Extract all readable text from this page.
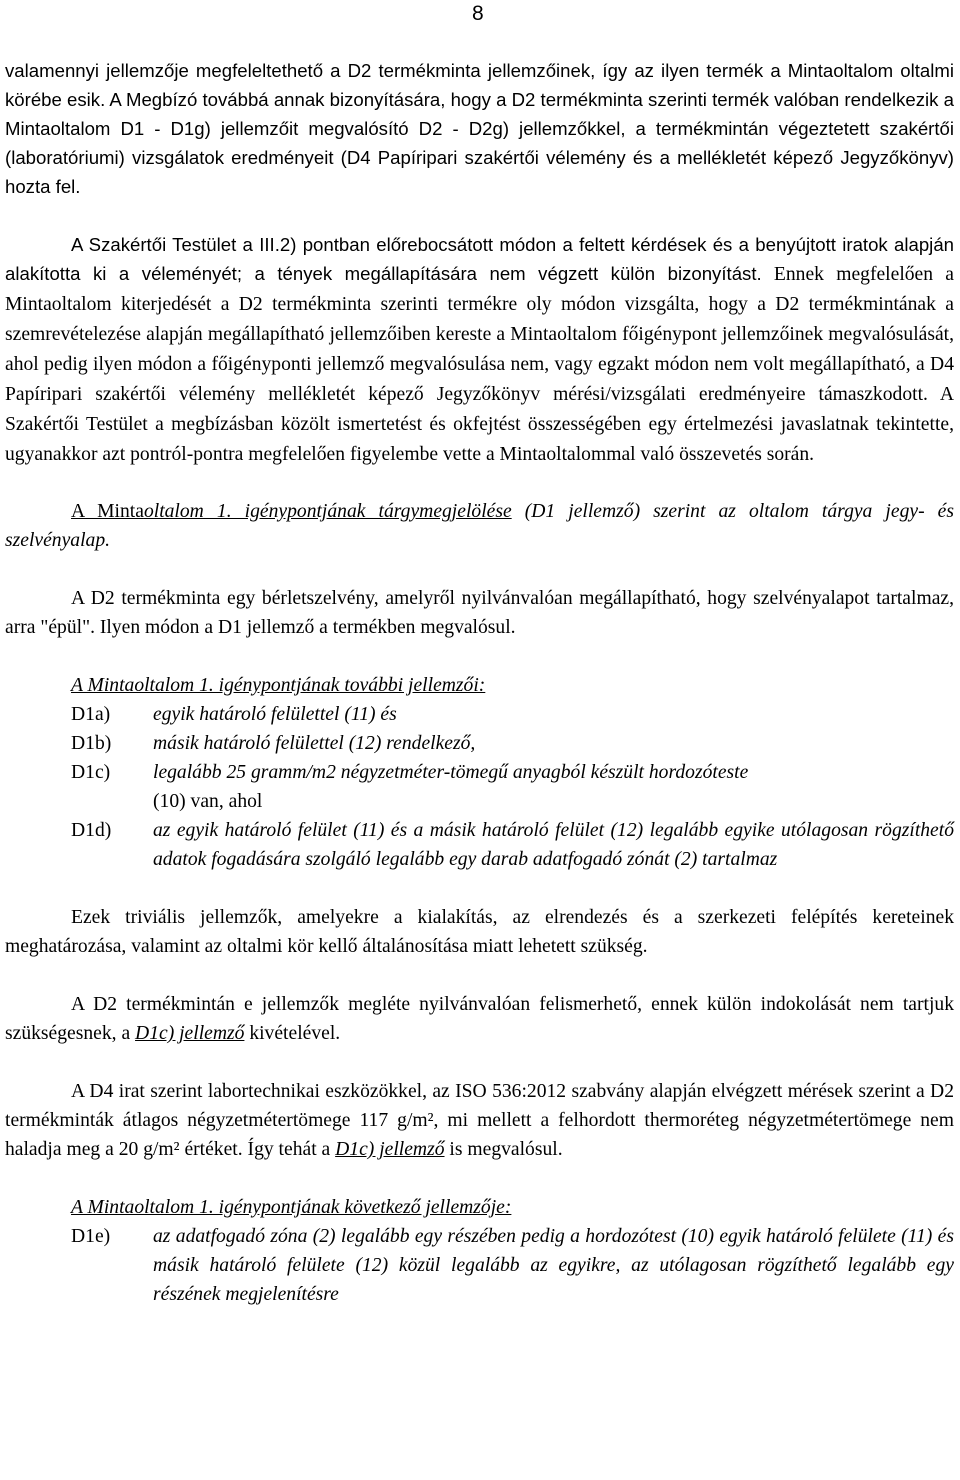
8

valamennyi jellemzője megfeleltethető a D2 termékminta jellemzőinek, így az ilyen termék a Mintaoltalom oltalmi körébe esik. A Megbízó továbbá annak bizonyítására, hogy a D2 termékminta szerinti termék valóban rendelkezik a Mintaoltalom D1 - D1g) jellemzőit megvalósító D2 - D2g) jellemzőkkel, a termékmintán végeztetett szakértői (laboratóriumi) vizsgálatok eredményeit (D4 Papíripari szakértői vélemény és a mellékletét képező Jegyzőkönyv) hozta fel.

A Szakértői Testület a III.2) pontban előrebocsátott módon a feltett kérdések és a benyújtott iratok alapján alakította ki a véleményét; a tények megállapítására nem végzett külön bizonyítást. Ennek megfelelően a Mintaoltalom kiterjedését a D2 termékminta szerinti termékre oly módon vizsgálta, hogy a D2 termékmintának a szemrevételezése alapján megállapítható jellemzőiben kereste a Mintaoltalom főigénypont jellemzőinek megvalósulását, ahol pedig ilyen módon a főigényponti jellemző megvalósulása nem, vagy egzakt módon nem volt megállapítható, a D4 Papíripari szakértői vélemény mellékletét képező Jegyzőkönyv mérési/vizsgálati eredményeire támaszkodott. A Szakértői Testület a megbízásban közölt ismertetést és okfejtést összességében egy értelmezési javaslatnak tekintette, ugyanakkor azt pontról-pontra megfelelően figyelembe vette a Mintaoltalommal való összevetés során.

A Mintaoltalom 1. igénypontjának tárgymegjelölése (D1 jellemző) szerint az oltalom tárgya jegy- és szelvényalap.

A D2 termékminta egy bérletszelvény, amelyről nyilvánvalóan megállapítható, hogy szelvényalapot tartalmaz, arra "épül". Ilyen módon a D1 jellemző a termékben megvalósul.

A Mintaoltalom 1. igénypontjának további jellemzői:

D1a) egyik határoló felülettel (11) és
D1b) másik határoló felülettel (12) rendelkező,
D1c) legalább 25 gramm/m2 négyzetméter-tömegű anyagból készült hordozóteste
(10) van, ahol
D1d) az egyik határoló felület (11) és a másik határoló felület (12) legalább egyike utólagosan rögzíthető adatok fogadására szolgáló legalább egy darab adatfogadó zónát (2) tartalmaz

Ezek triviális jellemzők, amelyekre a kialakítás, az elrendezés és a szerkezeti felépítés kereteinek meghatározása, valamint az oltalmi kör kellő általánosítása miatt lehetett szükség.

A D2 termékmintán e jellemzők megléte nyilvánvalóan felismerhető, ennek külön indokolását nem tartjuk szükségesnek, a D1c) jellemző kivételével.

A D4 irat szerint labortechnikai eszközökkel, az ISO 536:2012 szabvány alapján elvégzett mérések szerint a D2 termékminták átlagos négyzetmétertömege 117 g/m², mi mellett a felhordott thermoréteg négyzetmétertömege nem haladja meg a 20 g/m² értéket. Így tehát a D1c) jellemző is megvalósul.

A Mintaoltalom 1. igénypontjának következő jellemzője:

D1e) az adatfogadó zóna (2) legalább egy részében pedig a hordozótest (10) egyik határoló felülete (11) és másik határoló felülete (12) közül legalább az egyikre, az utólagosan rögzíthető legalább egy részének megjelenítésre
